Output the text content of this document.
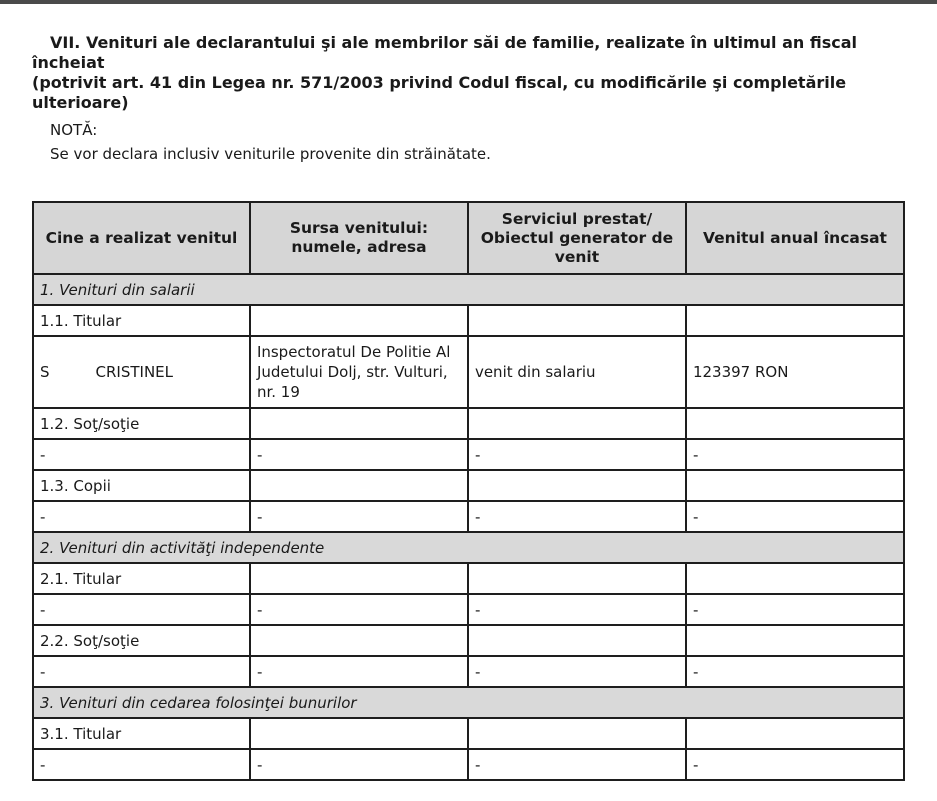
VII. Venituri ale declarantului şi ale membrilor săi de familie, realizate în ultimul an fiscal încheiat
(potrivit art. 41 din Legea nr. 571/2003 privind Codul fiscal, cu modificările şi completările
ulterioare)
NOTĂ:
Se vor declara inclusiv veniturile provenite din străinătate.
Cine a realizat venitul	Sursa venitului: numele, adresa	Serviciul prestat/ Obiectul generator de venit	Venitul anual încasat
1. Venituri din salarii			
1.1. Titular			
S CRISTINEL	Inspectoratul De Politie Al Judetului Dolj, str. Vulturi, nr. 19	venit din salariu	123397 RON
1.2. Soţ/soţie			
-	-	-	-
1.3. Copii			
-	-	-	-
2. Venituri din activităţi independente			
2.1. Titular			
-	-	-	-
2.2. Soţ/soţie			
-	-	-	-
3. Venituri din cedarea folosinţei bunurilor			
3.1. Titular			
-	-	-	-
